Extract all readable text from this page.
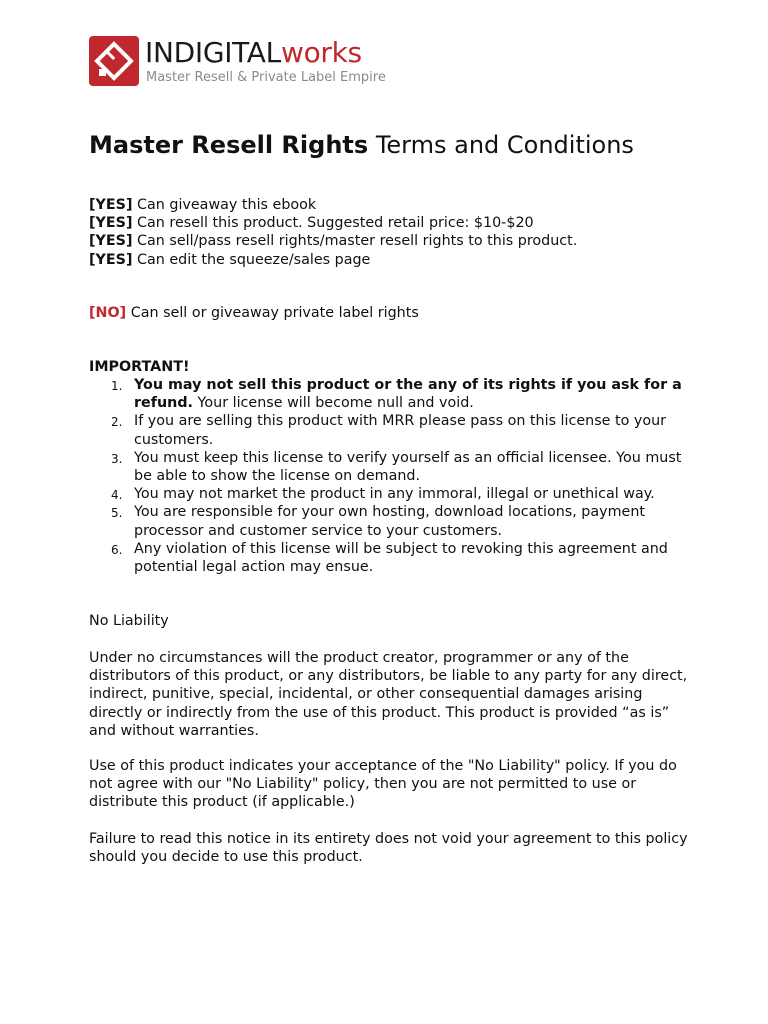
INDIGITALworks
Master Resell & Private Label Empire
Master Resell Rights Terms and Conditions
[YES] Can giveaway this ebook
[YES] Can resell this product. Suggested retail price: $10-$20
[YES] Can sell/pass resell rights/master resell rights to this product.
[YES] Can edit the squeeze/sales page
[NO] Can sell or giveaway private label rights
IMPORTANT!
1. You may not sell this product or the any of its rights if you ask for a refund. Your license will become null and void.
2. If you are selling this product with MRR please pass on this license to your customers.
3. You must keep this license to verify yourself as an official licensee. You must be able to show the license on demand.
4. You may not market the product in any immoral, illegal or unethical way.
5. You are responsible for your own hosting, download locations, payment processor and customer service to your customers.
6. Any violation of this license will be subject to revoking this agreement and potential legal action may ensue.
No Liability
Under no circumstances will the product creator, programmer or any of the distributors of this product, or any distributors, be liable to any party for any direct, indirect, punitive, special, incidental, or other consequential damages arising directly or indirectly from the use of this product. This product is provided “as is” and without warranties.
Use of this product indicates your acceptance of the "No Liability" policy. If you do not agree with our "No Liability" policy, then you are not permitted to use or distribute this product (if applicable.)
Failure to read this notice in its entirety does not void your agreement to this policy should you decide to use this product.
